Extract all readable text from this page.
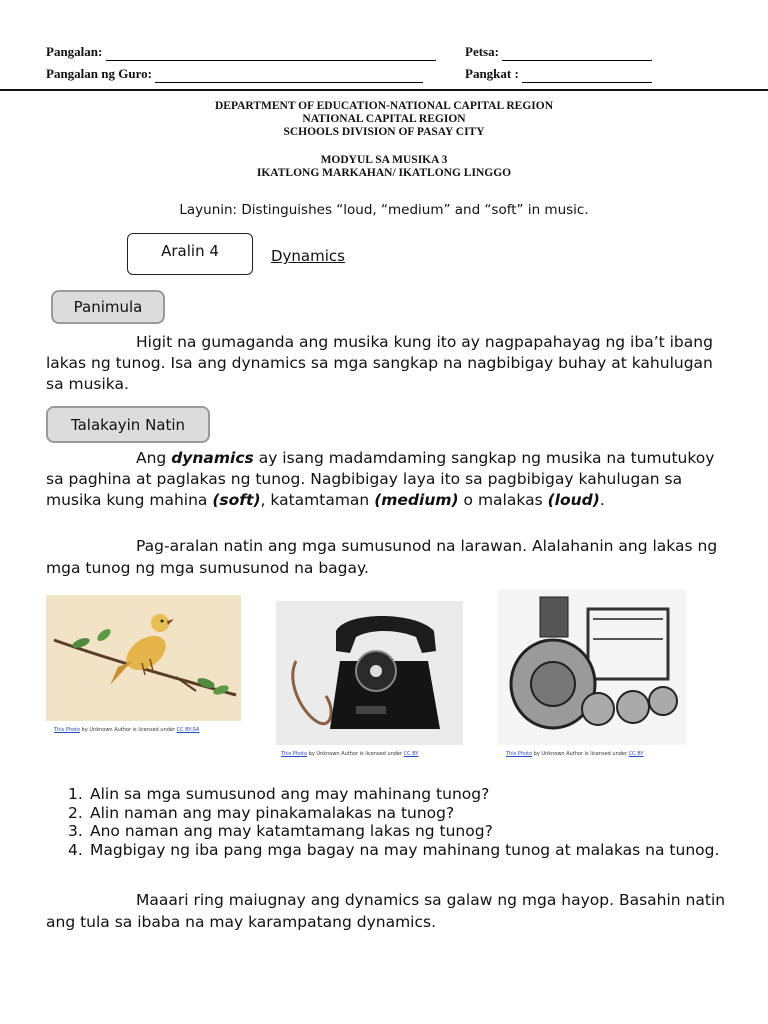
Pangalan:	Petsa:
Pangalan ng Guro:	Pangkat :
DEPARTMENT OF EDUCATION-NATIONAL CAPITAL REGION
NATIONAL CAPITAL REGION
SCHOOLS DIVISION OF PASAY CITY
MODYUL SA MUSIKA 3
IKATLONG MARKAHAN/ IKATLONG LINGGO
Layunin: Distinguishes “loud, “medium” and “soft” in music.
Aralin 4	Dynamics
Panimula
Higit na gumaganda ang musika kung ito ay nagpapahayag ng iba’t ibang lakas ng tunog. Isa ang dynamics sa mga sangkap na nagbibigay buhay at kahulugan sa musika.
Talakayin Natin
Ang dynamics ay isang madamdaming sangkap ng musika na tumutukoy sa paghina at paglakas ng tunog. Nagbibigay laya ito sa pagbibigay kahulugan sa musika kung mahina (soft), katamtaman (medium) o malakas (loud).
Pag-aralan natin ang mga sumusunod na larawan. Alalahanin ang lakas ng mga tunog ng mga sumusunod na bagay.
This Photo by Unknown Author is licensed under CC BY-SA
This Photo by Unknown Author is licensed under CC BY	This Photo by Unknown Author is licensed under CC BY
1. Alin sa mga sumusunod ang may mahinang tunog?
2. Alin naman ang may pinakamalakas na tunog?
3. Ano naman ang may katamtamang lakas ng tunog?
4. Magbigay ng iba pang mga bagay na may mahinang tunog at malakas na tunog.
Maaari ring maiugnay ang dynamics sa galaw ng mga hayop. Basahin natin ang tula sa ibaba na may karampatang dynamics.
